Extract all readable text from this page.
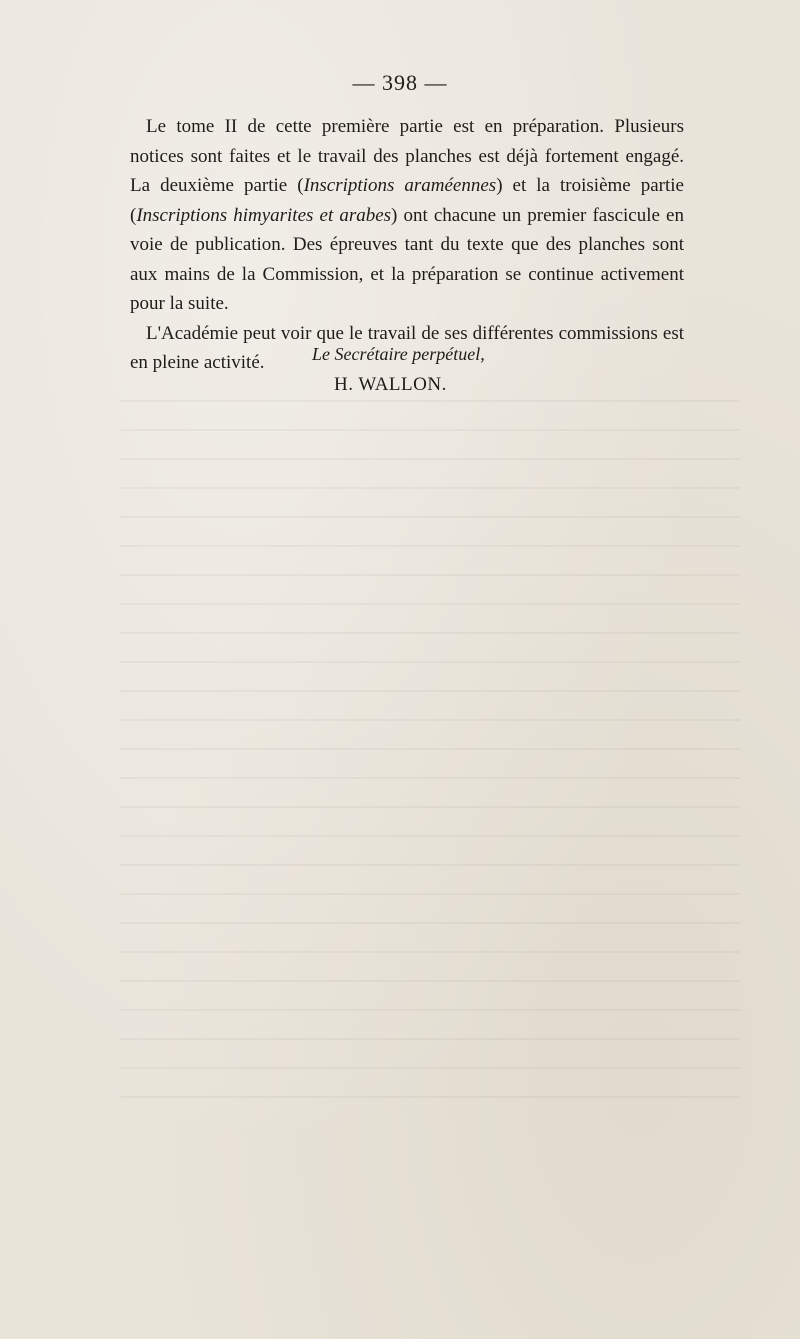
— 398 —

Le tome II de cette première partie est en préparation. Plusieurs notices sont faites et le travail des planches est déjà fortement engagé. La deuxième partie (Inscriptions araméennes) et la troisième partie (Inscriptions himyarites et arabes) ont chacune un premier fascicule en voie de publication. Des épreuves tant du texte que des planches sont aux mains de la Commission, et la préparation se continue activement pour la suite.

L'Académie peut voir que le travail de ses différentes commissions est en pleine activité.	Le Secrétaire perpétuel,
H. WALLON.
